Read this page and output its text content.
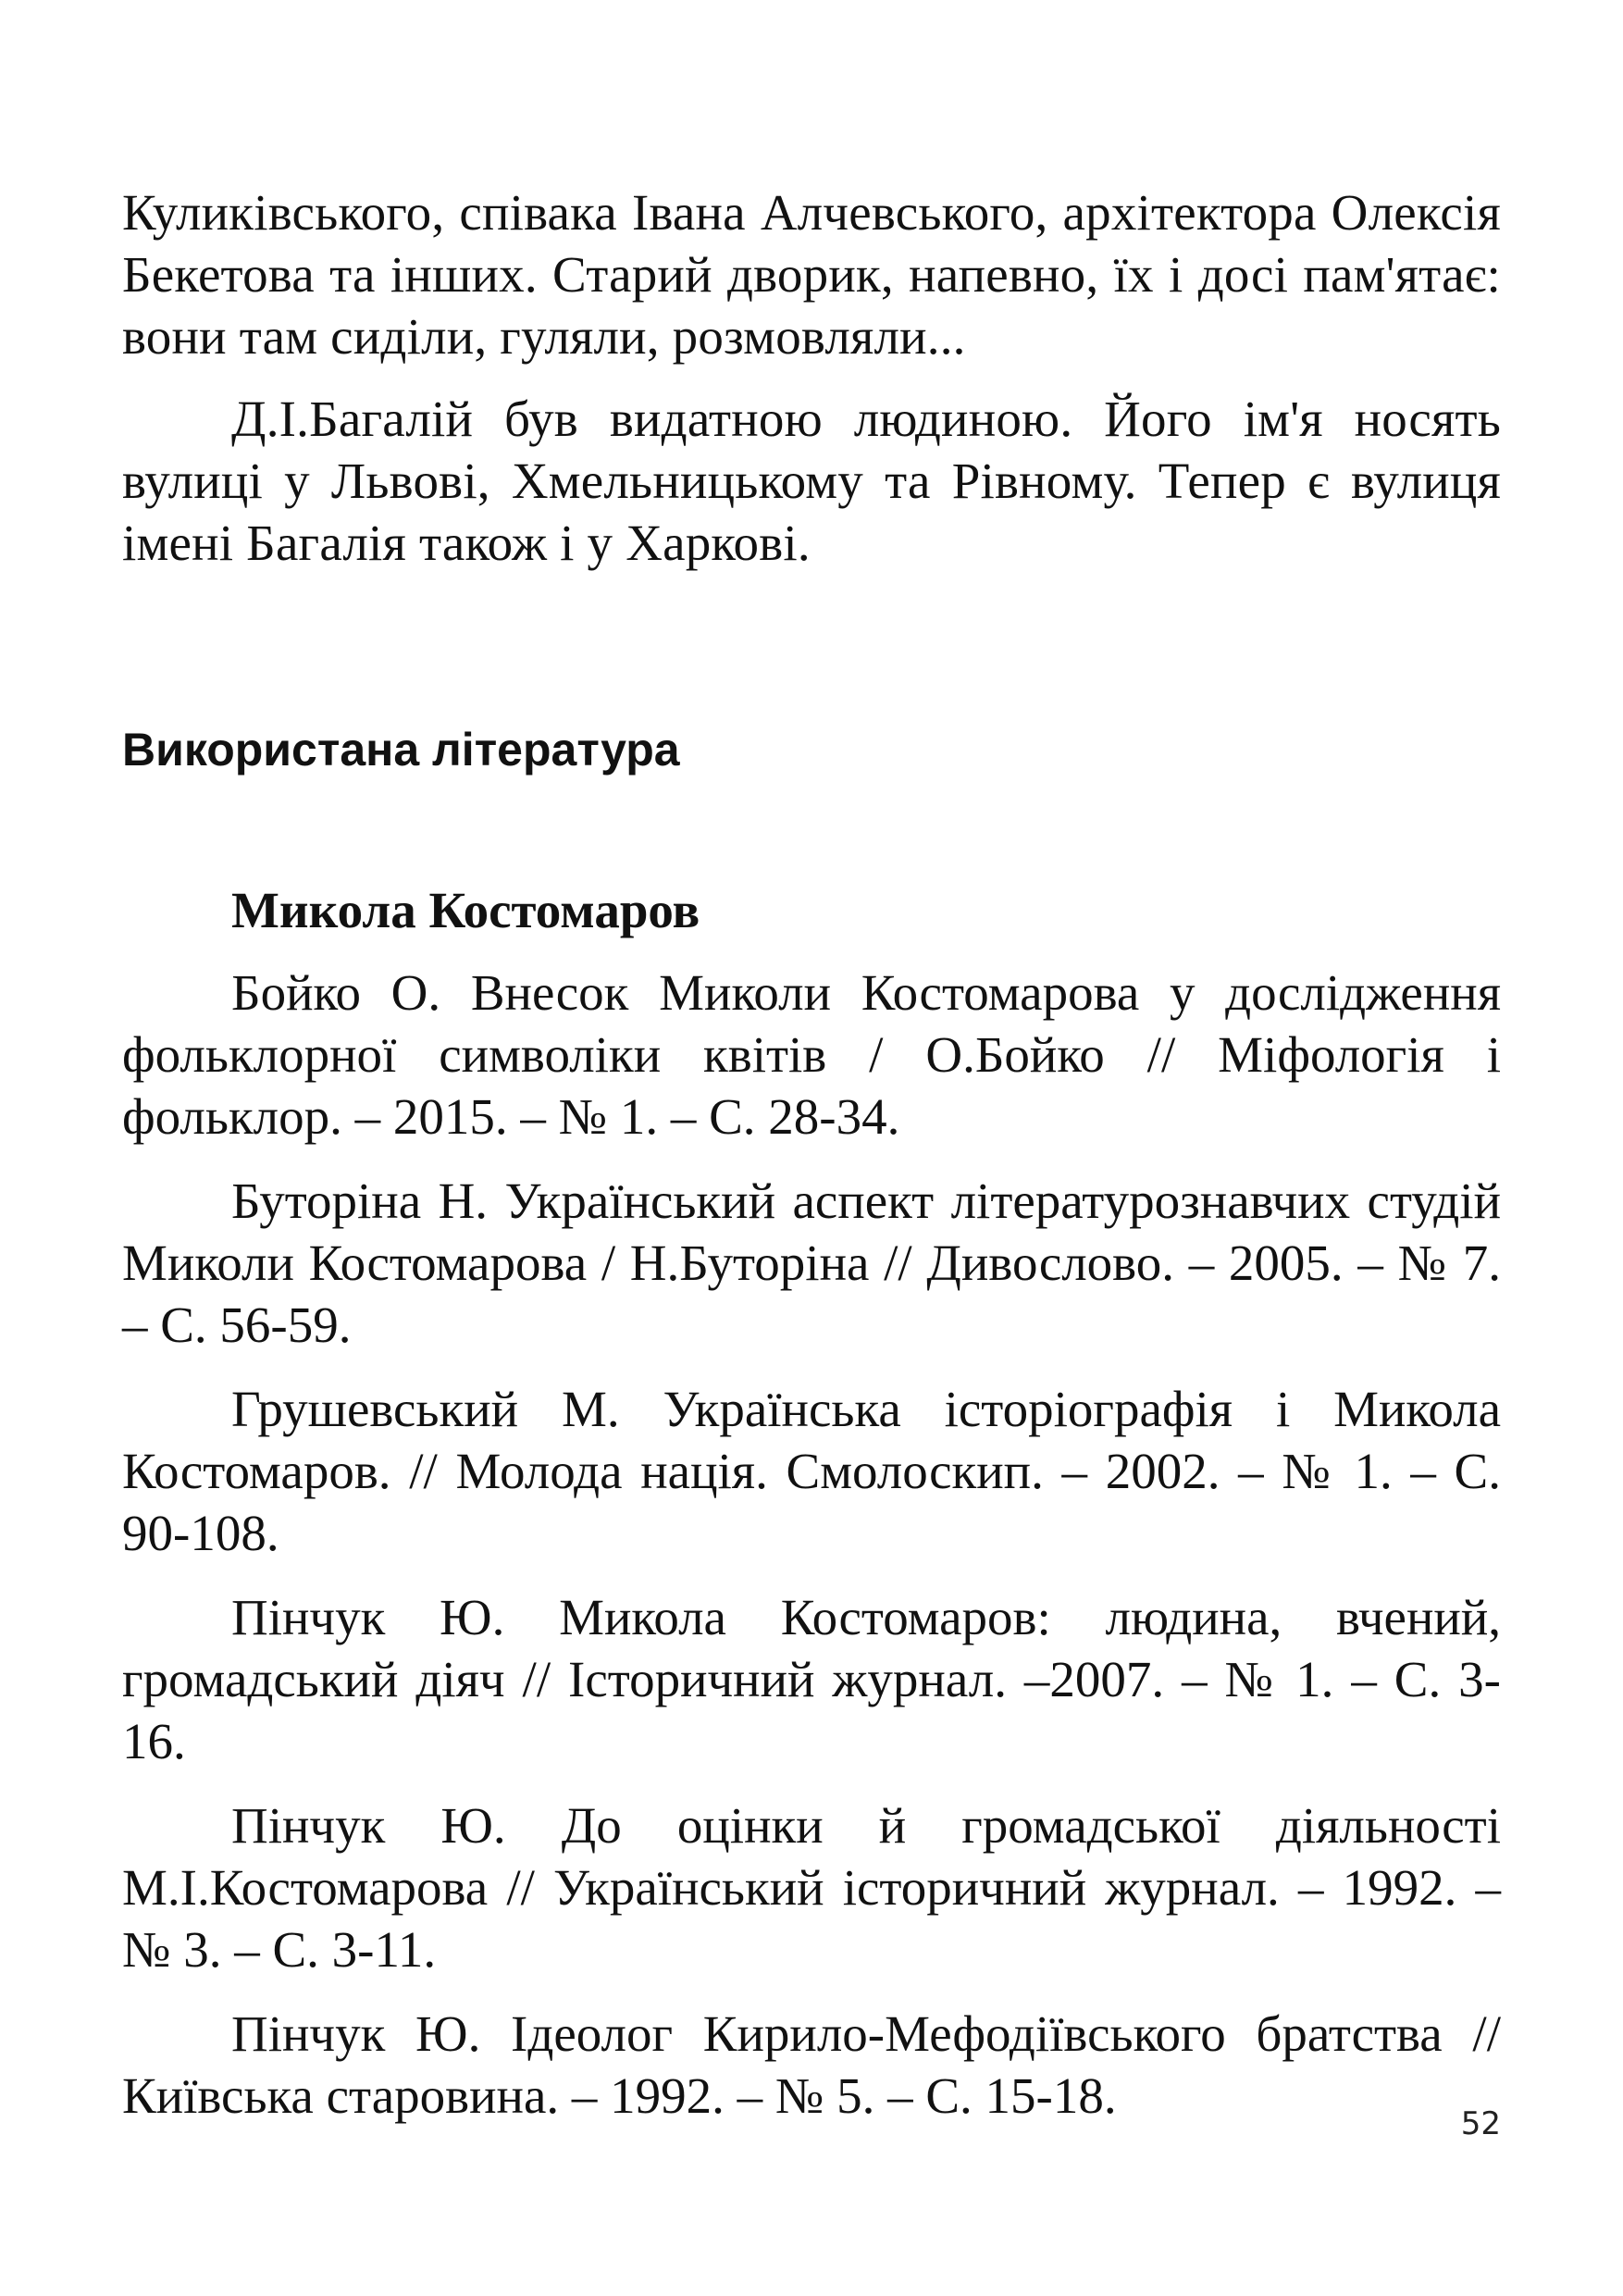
Куликівського, співака Івана Алчевського, архітектора Олексія Бекетова та інших. Старий дворик, напевно, їх і досі пам'ятає: вони там сиділи, гуляли, розмовляли...

Д.І.Багалій був видатною людиною. Його ім'я носять вулиці у Львові, Хмельницькому та Рівному. Тепер є вулиця імені Багалія також і у Харкові.

Використана література
Микола Костомаров

Бойко О. Внесок Миколи Костомарова у дослідження фольклорної символіки квітів / О.Бойко // Міфологія і фольклор. – 2015. – № 1. – С. 28-34.

Буторіна Н. Український аспект літературознавчих студій Миколи Костомарова / Н.Буторіна // Дивослово. – 2005. – № 7. – С. 56-59.

Грушевський М. Українська історіографія і Микола Костомаров. // Молода нація. Смолоскип. – 2002. – № 1. – С. 90-108.

Пінчук Ю. Микола Костомаров: людина, вчений, громадський діяч // Історичний журнал. –2007. – № 1. – С. 3-16.

Пінчук Ю. До оцінки й громадської діяльності М.І.Костомарова // Український історичний журнал. – 1992. – № 3. – С. 3-11.

Пінчук Ю. Ідеолог Кирило-Мефодіївського братства // Київська старовина. – 1992. – № 5. – С. 15-18.	52
